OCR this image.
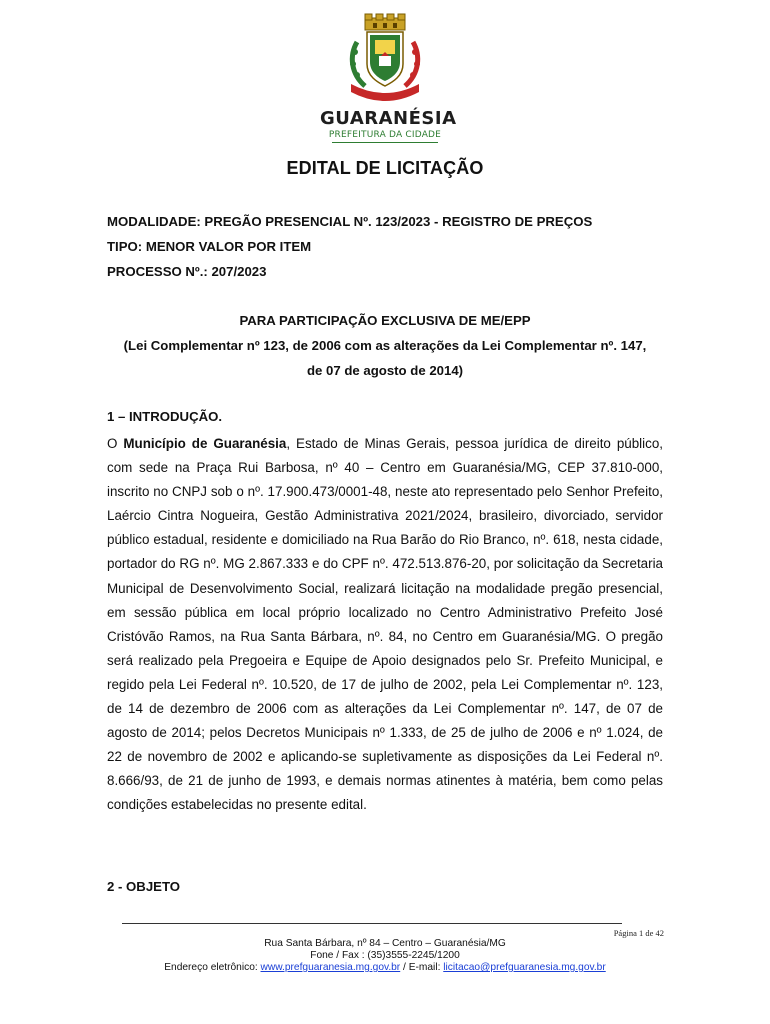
GUARANÉSIA
PREFEITURA DA CIDADE
EDITAL DE LICITAÇÃO
MODALIDADE: PREGÃO PRESENCIAL Nº. 123/2023 - REGISTRO DE PREÇOS
TIPO: MENOR VALOR POR ITEM
PROCESSO Nº.: 207/2023
PARA PARTICIPAÇÃO EXCLUSIVA DE ME/EPP
(Lei Complementar nº 123, de 2006 com as alterações da Lei Complementar nº. 147,
de 07 de agosto de 2014)
1 – INTRODUÇÃO.
O Município de Guaranésia, Estado de Minas Gerais, pessoa jurídica de direito público, com sede na Praça Rui Barbosa, nº 40 – Centro em Guaranésia/MG, CEP 37.810-000, inscrito no CNPJ sob o nº. 17.900.473/0001-48, neste ato representado pelo Senhor Prefeito, Laércio Cintra Nogueira, Gestão Administrativa 2021/2024, brasileiro, divorciado, servidor público estadual, residente e domiciliado na Rua Barão do Rio Branco, nº. 618, nesta cidade, portador do RG nº. MG 2.867.333 e do CPF nº. 472.513.876-20, por solicitação da Secretaria Municipal de Desenvolvimento Social, realizará licitação na modalidade pregão presencial, em sessão pública em local próprio localizado no Centro Administrativo Prefeito José Cristóvão Ramos, na Rua Santa Bárbara, nº. 84, no Centro em Guaranésia/MG. O pregão será realizado pela Pregoeira e Equipe de Apoio designados pelo Sr. Prefeito Municipal, e regido pela Lei Federal nº. 10.520, de 17 de julho de 2002, pela Lei Complementar nº. 123, de 14 de dezembro de 2006 com as alterações da Lei Complementar nº. 147, de 07 de agosto de 2014; pelos Decretos Municipais nº 1.333, de 25 de julho de 2006 e nº 1.024, de 22 de novembro de 2002 e aplicando-se supletivamente as disposições da Lei Federal nº. 8.666/93, de 21 de junho de 1993, e demais normas atinentes à matéria, bem como pelas condições estabelecidas no presente edital.
2 - OBJETO
Página 1 de 42
Rua Santa Bárbara, nº 84 – Centro – Guaranésia/MG
Fone / Fax : (35)3555-2245/1200
Endereço eletrônico: www.prefguaranesia.mg.gov.br / E-mail: licitacao@prefguaranesia.mg.gov.br
